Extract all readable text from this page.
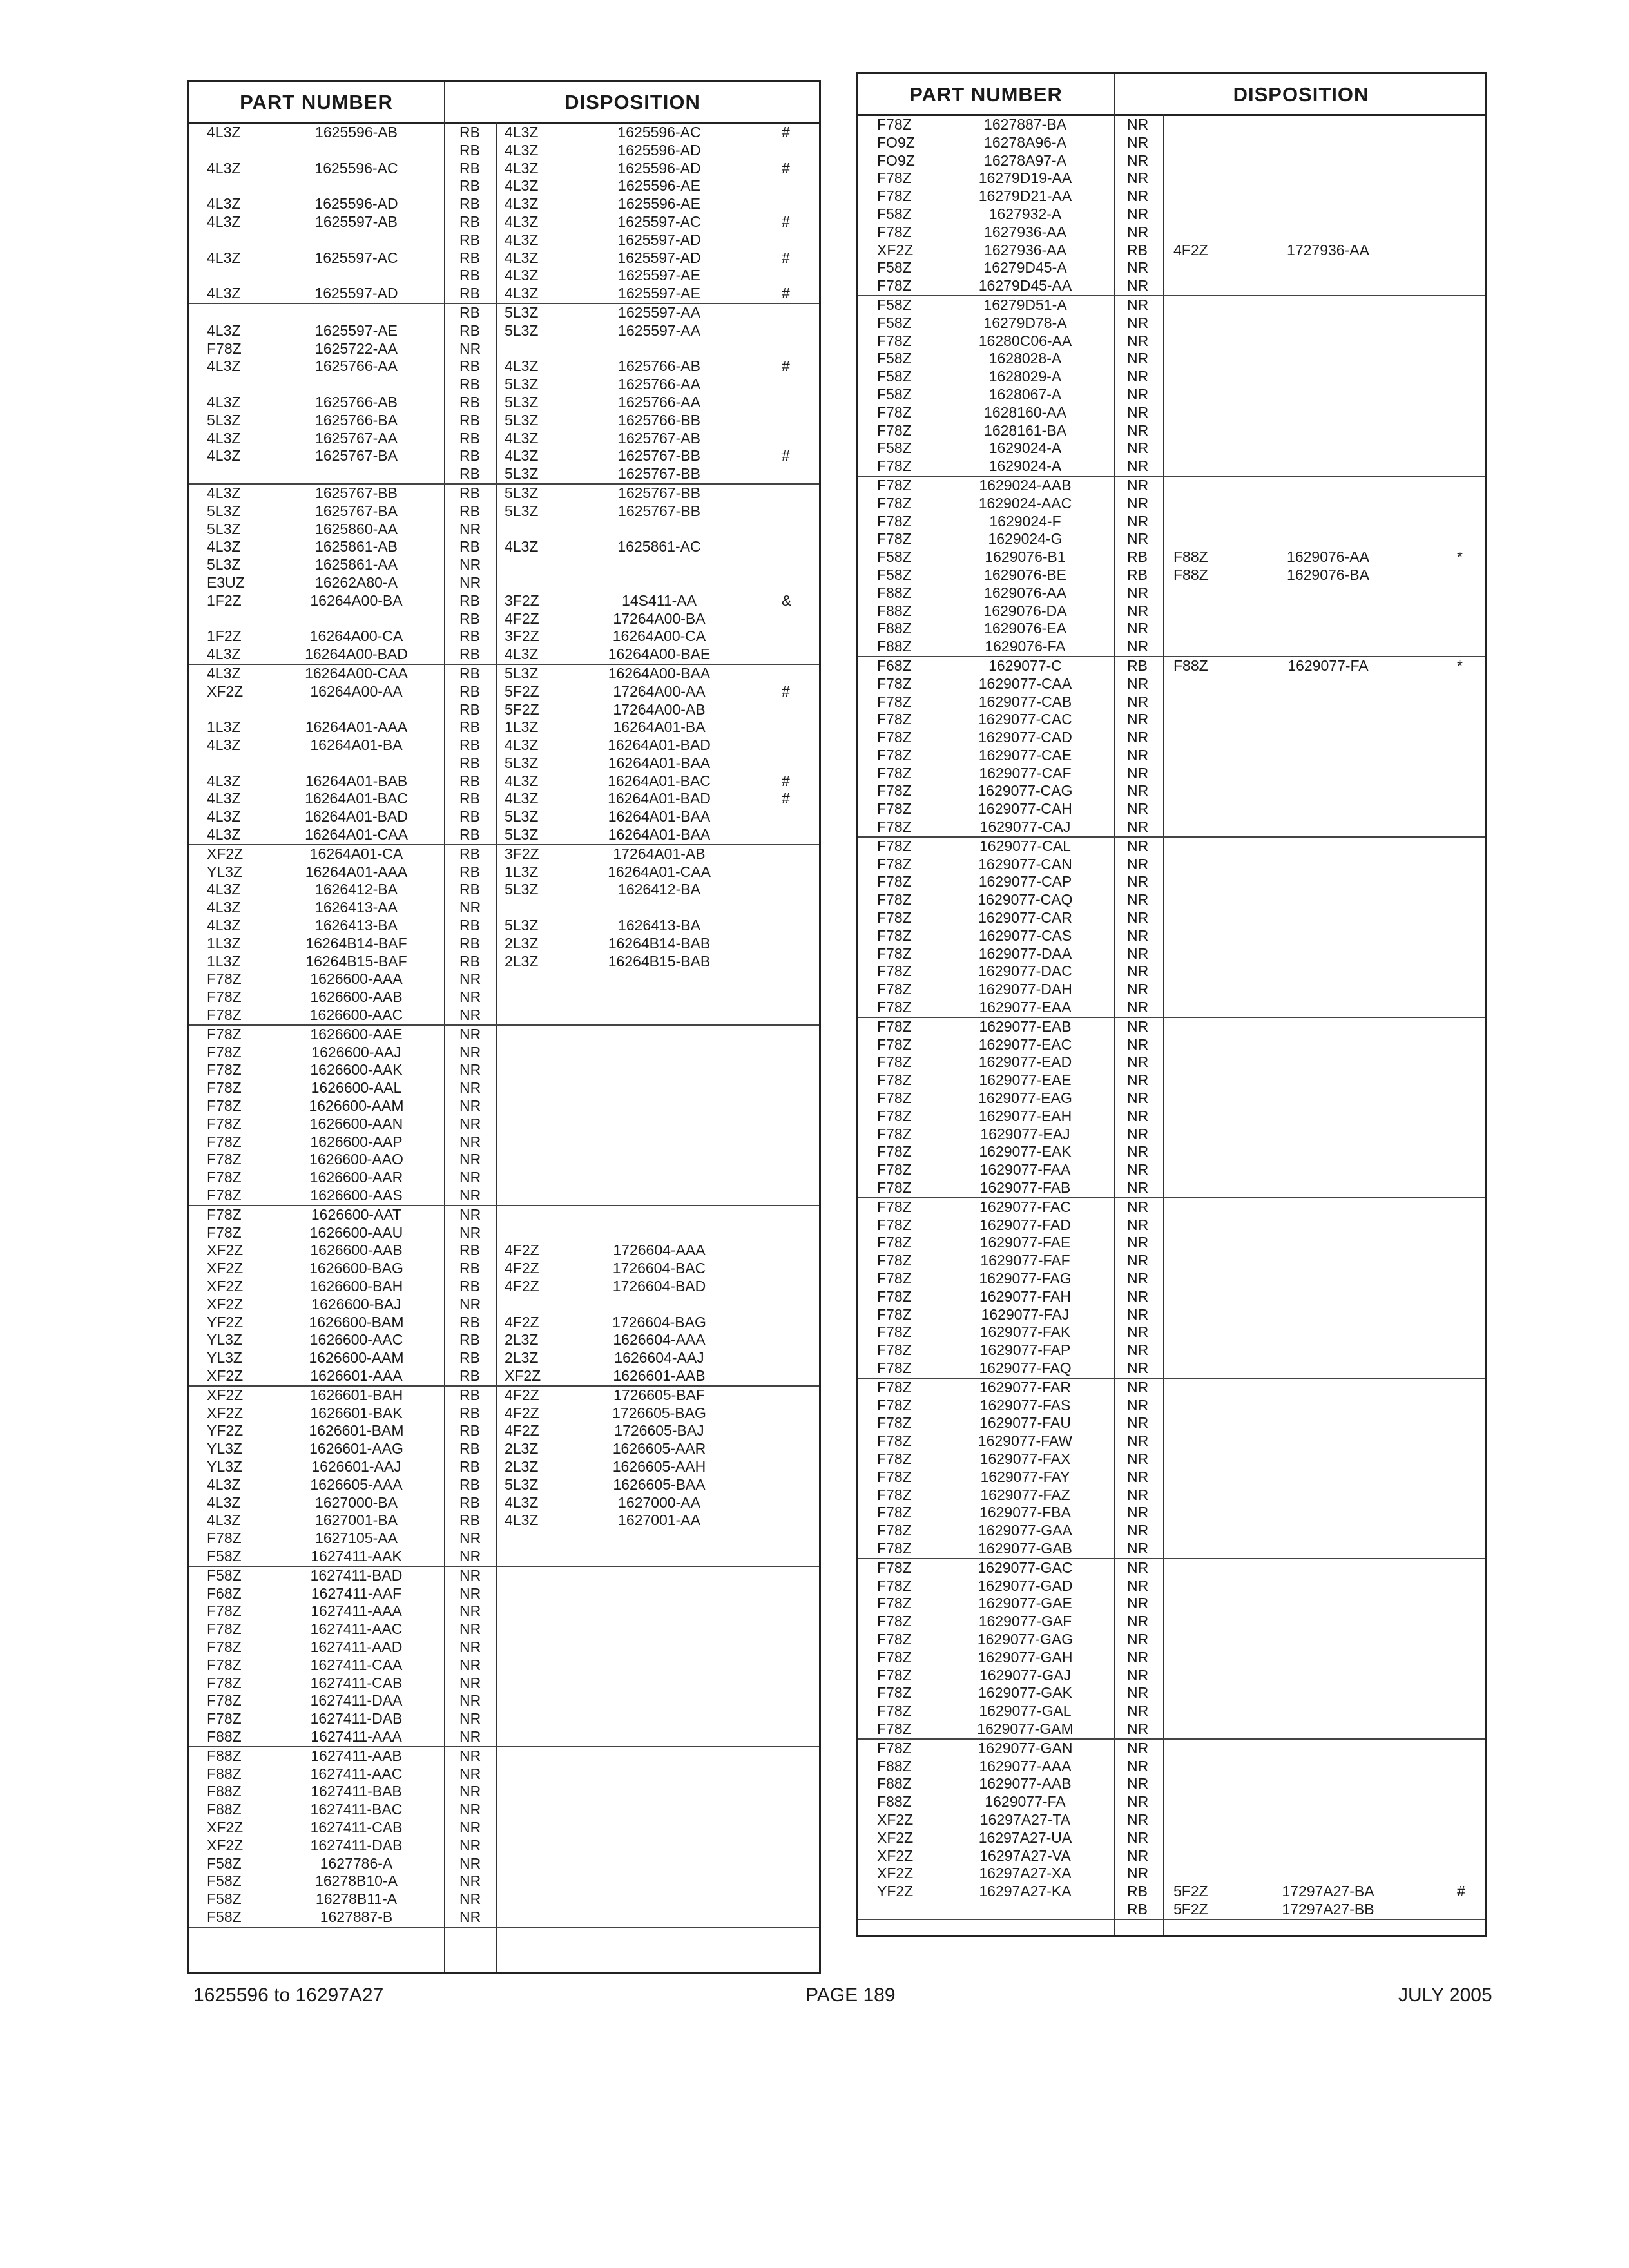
PART NUMBER	DISPOSITION
4L3Z	1625596-AB	RB 4L3Z	1625596-AC	#
RB 4L3Z	1625596-AD
4L3Z	1625596-AC	RB 4L3Z	1625596-AD	#
RB 4L3Z	1625596-AE
4L3Z	1625596-AD	RB 4L3Z	1625596-AE
4L3Z	1625597-AB	RB 4L3Z	1625597-AC	#
RB 4L3Z	1625597-AD
4L3Z	1625597-AC	RB 4L3Z	1625597-AD	#
RB 4L3Z	1625597-AE
4L3Z	1625597-AD	RB 4L3Z	1625597-AE	#
RB 5L3Z	1625597-AA
4L3Z	1625597-AE	RB 5L3Z	1625597-AA
F78Z	1625722-AA	NR
4L3Z	1625766-AA	RB 4L3Z	1625766-AB	#
RB 5L3Z	1625766-AA
4L3Z	1625766-AB	RB 5L3Z	1625766-AA
5L3Z	1625766-BA	RB 5L3Z	1625766-BB
4L3Z	1625767-AA	RB 4L3Z	1625767-AB
4L3Z	1625767-BA	RB 4L3Z	1625767-BB	#
RB 5L3Z	1625767-BB
4L3Z	1625767-BB	RB 5L3Z	1625767-BB
5L3Z	1625767-BA	RB 5L3Z	1625767-BB
5L3Z	1625860-AA	NR
4L3Z	1625861-AB	RB 4L3Z	1625861-AC
5L3Z	1625861-AA	NR
E3UZ	16262A80-A	NR
1F2Z	16264A00-BA	RB 3F2Z	14S411-AA	&
RB 4F2Z	17264A00-BA
1F2Z	16264A00-CA	RB 3F2Z	16264A00-CA
4L3Z	16264A00-BAD	RB 4L3Z	16264A00-BAE
4L3Z	16264A00-CAA	RB 5L3Z	16264A00-BAA
XF2Z	16264A00-AA	RB 5F2Z	17264A00-AA	#
RB 5F2Z	17264A00-AB
1L3Z	16264A01-AAA	RB 1L3Z	16264A01-BA
4L3Z	16264A01-BA	RB 4L3Z	16264A01-BAD
RB 5L3Z	16264A01-BAA
4L3Z	16264A01-BAB	RB 4L3Z	16264A01-BAC	#
4L3Z	16264A01-BAC	RB 4L3Z	16264A01-BAD	#
4L3Z	16264A01-BAD	RB 5L3Z	16264A01-BAA
4L3Z	16264A01-CAA	RB 5L3Z	16264A01-BAA
XF2Z	16264A01-CA	RB 3F2Z	17264A01-AB
YL3Z	16264A01-AAA	RB 1L3Z	16264A01-CAA
4L3Z	1626412-BA	RB 5L3Z	1626412-BA
4L3Z	1626413-AA	NR
4L3Z	1626413-BA	RB 5L3Z	1626413-BA
1L3Z	16264B14-BAF	RB 2L3Z	16264B14-BAB
1L3Z	16264B15-BAF	RB 2L3Z	16264B15-BAB
F78Z	1626600-AAA	NR
F78Z	1626600-AAB	NR
F78Z	1626600-AAC	NR
F78Z	1626600-AAE	NR
F78Z	1626600-AAJ	NR
F78Z	1626600-AAK	NR
F78Z	1626600-AAL	NR
F78Z	1626600-AAM	NR
F78Z	1626600-AAN	NR
F78Z	1626600-AAP	NR
F78Z	1626600-AAO	NR
F78Z	1626600-AAR	NR
F78Z	1626600-AAS	NR
F78Z	1626600-AAT	NR
F78Z	1626600-AAU	NR
XF2Z	1626600-AAB	RB 4F2Z	1726604-AAA
XF2Z	1626600-BAG	RB 4F2Z	1726604-BAC
XF2Z	1626600-BAH	RB 4F2Z	1726604-BAD
XF2Z	1626600-BAJ	NR
YF2Z	1626600-BAM	RB 4F2Z	1726604-BAG
YL3Z	1626600-AAC	RB 2L3Z	1626604-AAA
YL3Z	1626600-AAM	RB 2L3Z	1626604-AAJ
XF2Z	1626601-AAA	RB XF2Z	1626601-AAB
XF2Z	1626601-BAH	RB 4F2Z	1726605-BAF
XF2Z	1626601-BAK	RB 4F2Z	1726605-BAG
YF2Z	1626601-BAM	RB 4F2Z	1726605-BAJ
YL3Z	1626601-AAG	RB 2L3Z	1626605-AAR
YL3Z	1626601-AAJ	RB 2L3Z	1626605-AAH
4L3Z	1626605-AAA	RB 5L3Z	1626605-BAA
4L3Z	1627000-BA	RB 4L3Z	1627000-AA
4L3Z	1627001-BA	RB 4L3Z	1627001-AA
F78Z	1627105-AA	NR
F58Z	1627411-AAK	NR
F58Z	1627411-BAD	NR
F68Z	1627411-AAF	NR
F78Z	1627411-AAA	NR
F78Z	1627411-AAC	NR
F78Z	1627411-AAD	NR
F78Z	1627411-CAA	NR
F78Z	1627411-CAB	NR
F78Z	1627411-DAA	NR
F78Z	1627411-DAB	NR
F88Z	1627411-AAA	NR
F88Z	1627411-AAB	NR
F88Z	1627411-AAC	NR
F88Z	1627411-BAB	NR
F88Z	1627411-BAC	NR
XF2Z	1627411-CAB	NR
XF2Z	1627411-DAB	NR
F58Z	1627786-A	NR
F58Z	16278B10-A	NR
F58Z	16278B11-A	NR
F58Z	1627887-B	NR
PART NUMBER	DISPOSITION
F78Z	1627887-BA	NR
FO9Z	16278A96-A	NR
FO9Z	16278A97-A	NR
F78Z	16279D19-AA	NR
F78Z	16279D21-AA	NR
F58Z	1627932-A	NR
F78Z	1627936-AA	NR
XF2Z	1627936-AA	RB 4F2Z	1727936-AA
F58Z	16279D45-A	NR
F78Z	16279D45-AA	NR
F58Z	16279D51-A	NR
F58Z	16279D78-A	NR
F78Z	16280C06-AA	NR
F58Z	1628028-A	NR
F58Z	1628029-A	NR
F58Z	1628067-A	NR
F78Z	1628160-AA	NR
F78Z	1628161-BA	NR
F58Z	1629024-A	NR
F78Z	1629024-A	NR
F78Z	1629024-AAB	NR
F78Z	1629024-AAC	NR
F78Z	1629024-F	NR
F78Z	1629024-G	NR
F58Z	1629076-B1	RB F88Z	1629076-AA	*
F58Z	1629076-BE	RB F88Z	1629076-BA
F88Z	1629076-AA	NR
F88Z	1629076-DA	NR
F88Z	1629076-EA	NR
F88Z	1629076-FA	NR
F68Z	1629077-C	RB F88Z	1629077-FA	*
F78Z	1629077-CAA	NR
F78Z	1629077-CAB	NR
F78Z	1629077-CAC	NR
F78Z	1629077-CAD	NR
F78Z	1629077-CAE	NR
F78Z	1629077-CAF	NR
F78Z	1629077-CAG	NR
F78Z	1629077-CAH	NR
F78Z	1629077-CAJ	NR
F78Z	1629077-CAL	NR
F78Z	1629077-CAN	NR
F78Z	1629077-CAP	NR
F78Z	1629077-CAQ	NR
F78Z	1629077-CAR	NR
F78Z	1629077-CAS	NR
F78Z	1629077-DAA	NR
F78Z	1629077-DAC	NR
F78Z	1629077-DAH	NR
F78Z	1629077-EAA	NR
F78Z	1629077-EAB	NR
F78Z	1629077-EAC	NR
F78Z	1629077-EAD	NR
F78Z	1629077-EAE	NR
F78Z	1629077-EAG	NR
F78Z	1629077-EAH	NR
F78Z	1629077-EAJ	NR
F78Z	1629077-EAK	NR
F78Z	1629077-FAA	NR
F78Z	1629077-FAB	NR
F78Z	1629077-FAC	NR
F78Z	1629077-FAD	NR
F78Z	1629077-FAE	NR
F78Z	1629077-FAF	NR
F78Z	1629077-FAG	NR
F78Z	1629077-FAH	NR
F78Z	1629077-FAJ	NR
F78Z	1629077-FAK	NR
F78Z	1629077-FAP	NR
F78Z	1629077-FAQ	NR
F78Z	1629077-FAR	NR
F78Z	1629077-FAS	NR
F78Z	1629077-FAU	NR
F78Z	1629077-FAW	NR
F78Z	1629077-FAX	NR
F78Z	1629077-FAY	NR
F78Z	1629077-FAZ	NR
F78Z	1629077-FBA	NR
F78Z	1629077-GAA	NR
F78Z	1629077-GAB	NR
F78Z	1629077-GAC	NR
F78Z	1629077-GAD	NR
F78Z	1629077-GAE	NR
F78Z	1629077-GAF	NR
F78Z	1629077-GAG	NR
F78Z	1629077-GAH	NR
F78Z	1629077-GAJ	NR
F78Z	1629077-GAK	NR
F78Z	1629077-GAL	NR
F78Z	1629077-GAM	NR
F78Z	1629077-GAN	NR
F88Z	1629077-AAA	NR
F88Z	1629077-AAB	NR
F88Z	1629077-FA	NR
XF2Z	16297A27-TA	NR
XF2Z	16297A27-UA	NR
XF2Z	16297A27-VA	NR
XF2Z	16297A27-XA	NR
YF2Z	16297A27-KA	RB 5F2Z	17297A27-BA	#
RB 5F2Z	17297A27-BB
1625596 to 16297A27	PAGE 189	JULY 2005
